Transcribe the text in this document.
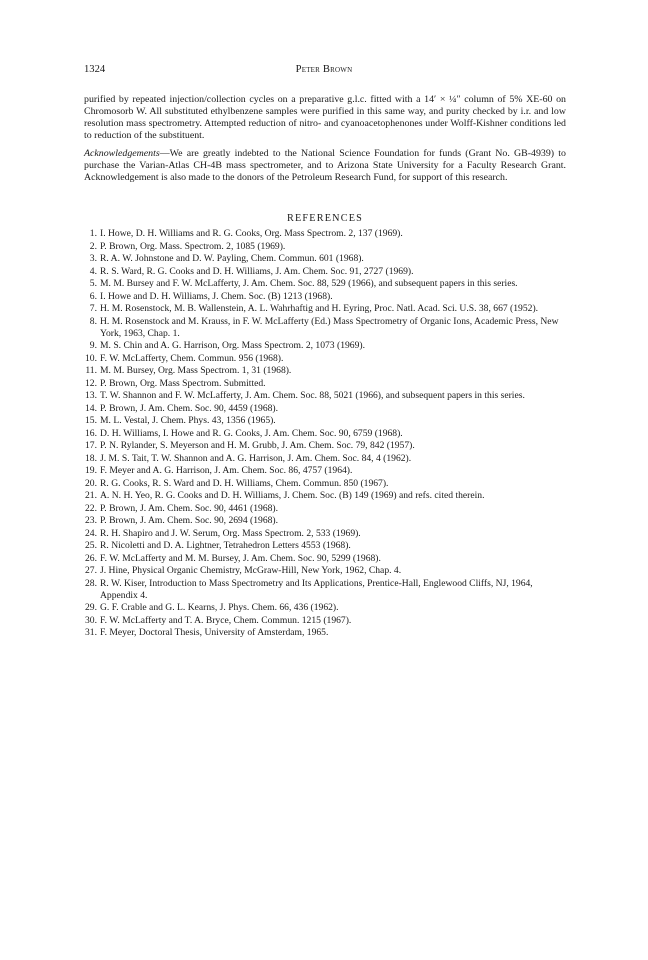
1324	Peter Brown

purified by repeated injection/collection cycles on a preparative g.l.c. fitted with a 14′ × ¼″ column of 5% XE-60 on Chromosorb W. All substituted ethylbenzene samples were purified in this same way, and purity checked by i.r. and low resolution mass spectrometry. Attempted reduction of nitro- and cyanoacetophenones under Wolff-Kishner conditions led to reduction of the substituent.

Acknowledgements—We are greatly indebted to the National Science Foundation for funds (Grant No. GB-4939) to purchase the Varian-Atlas CH-4B mass spectrometer, and to Arizona State University for a Faculty Research Grant. Acknowledgement is also made to the donors of the Petroleum Research Fund, for support of this research.

REFERENCES
1. I. Howe, D. H. Williams and R. G. Cooks, Org. Mass Spectrom. 2, 137 (1969).
2. P. Brown, Org. Mass. Spectrom. 2, 1085 (1969).
3. R. A. W. Johnstone and D. W. Payling, Chem. Commun. 601 (1968).
4. R. S. Ward, R. G. Cooks and D. H. Williams, J. Am. Chem. Soc. 91, 2727 (1969).
5. M. M. Bursey and F. W. McLafferty, J. Am. Chem. Soc. 88, 529 (1966), and subsequent papers in this series.
6. I. Howe and D. H. Williams, J. Chem. Soc. (B) 1213 (1968).
7. H. M. Rosenstock, M. B. Wallenstein, A. L. Wahrhaftig and H. Eyring, Proc. Natl. Acad. Sci. U.S. 38, 667 (1952).
8. H. M. Rosenstock and M. Krauss, in F. W. McLafferty (Ed.) Mass Spectrometry of Organic Ions, Academic Press, New York, 1963, Chap. 1.
9. M. S. Chin and A. G. Harrison, Org. Mass Spectrom. 2, 1073 (1969).
10. F. W. McLafferty, Chem. Commun. 956 (1968).
11. M. M. Bursey, Org. Mass Spectrom. 1, 31 (1968).
12. P. Brown, Org. Mass Spectrom. Submitted.
13. T. W. Shannon and F. W. McLafferty, J. Am. Chem. Soc. 88, 5021 (1966), and subsequent papers in this series.
14. P. Brown, J. Am. Chem. Soc. 90, 4459 (1968).
15. M. L. Vestal, J. Chem. Phys. 43, 1356 (1965).
16. D. H. Williams, I. Howe and R. G. Cooks, J. Am. Chem. Soc. 90, 6759 (1968).
17. P. N. Rylander, S. Meyerson and H. M. Grubb, J. Am. Chem. Soc. 79, 842 (1957).
18. J. M. S. Tait, T. W. Shannon and A. G. Harrison, J. Am. Chem. Soc. 84, 4 (1962).
19. F. Meyer and A. G. Harrison, J. Am. Chem. Soc. 86, 4757 (1964).
20. R. G. Cooks, R. S. Ward and D. H. Williams, Chem. Commun. 850 (1967).
21. A. N. H. Yeo, R. G. Cooks and D. H. Williams, J. Chem. Soc. (B) 149 (1969) and refs. cited therein.
22. P. Brown, J. Am. Chem. Soc. 90, 4461 (1968).
23. P. Brown, J. Am. Chem. Soc. 90, 2694 (1968).
24. R. H. Shapiro and J. W. Serum, Org. Mass Spectrom. 2, 533 (1969).
25. R. Nicoletti and D. A. Lightner, Tetrahedron Letters 4553 (1968).
26. F. W. McLafferty and M. M. Bursey, J. Am. Chem. Soc. 90, 5299 (1968).
27. J. Hine, Physical Organic Chemistry, McGraw-Hill, New York, 1962, Chap. 4.
28. R. W. Kiser, Introduction to Mass Spectrometry and Its Applications, Prentice-Hall, Englewood Cliffs, NJ, 1964, Appendix 4.
29. G. F. Crable and G. L. Kearns, J. Phys. Chem. 66, 436 (1962).
30. F. W. McLafferty and T. A. Bryce, Chem. Commun. 1215 (1967).
31. F. Meyer, Doctoral Thesis, University of Amsterdam, 1965.
